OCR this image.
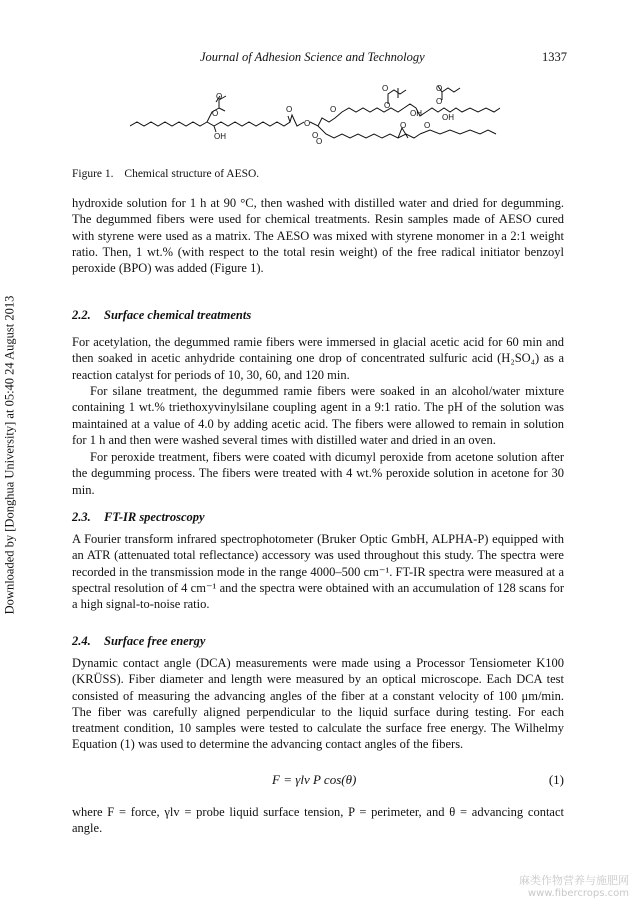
Journal of Adhesion Science and Technology	1337
Downloaded by [Donghua University] at 05:40 24 August 2013
O
O
OH
O
O
O
O
O
O
OH	OH
O
O
O
O
O
Figure 1. Chemical structure of AESO.

hydroxide solution for 1 h at 90 °C, then washed with distilled water and dried for degumming. The degummed fibers were used for chemical treatments. Resin samples made of AESO cured with styrene were used as a matrix. The AESO was mixed with styrene monomer in a 2:1 weight ratio. Then, 1 wt.% (with respect to the total resin weight) of the free radical initiator benzoyl peroxide (BPO) was added (Figure 1).

2.2. Surface chemical treatments

For acetylation, the degummed ramie fibers were immersed in glacial acetic acid for 60 min and then soaked in acetic anhydride containing one drop of concentrated sulfuric acid (H₂SO₄) as a reaction catalyst for periods of 10, 30, 60, and 120 min.

For silane treatment, the degummed ramie fibers were soaked in an alcohol/water mixture containing 1 wt.% triethoxyvinylsilane coupling agent in a 9:1 ratio. The pH of the solution was maintained at a value of 4.0 by adding acetic acid. The fibers were allowed to remain in solution for 1 h and then were washed several times with distilled water and dried in an oven.

For peroxide treatment, fibers were coated with dicumyl peroxide from acetone solution after the degumming process. The fibers were treated with 4 wt.% peroxide solution in acetone for 30 min.

2.3. FT-IR spectroscopy

A Fourier transform infrared spectrophotometer (Bruker Optic GmbH, ALPHA-P) equipped with an ATR (attenuated total reflectance) accessory was used throughout this study. The spectra were recorded in the transmission mode in the range 4000–500 cm⁻¹. FT-IR spectra were measured at a spectral resolution of 4 cm⁻¹ and the spectra were obtained with an accumulation of 128 scans for a high signal-to-noise ratio.

2.4. Surface free energy

Dynamic contact angle (DCA) measurements were made using a Processor Tensiometer K100 (KRÜSS). Fiber diameter and length were measured by an optical microscope. Each DCA test consisted of measuring the advancing angles of the fiber at a constant velocity of 100 μm/min. The fiber was carefully aligned perpendicular to the liquid surface during testing. For each treatment condition, 10 samples were tested to calculate the surface free energy. The Wilhelmy Equation (1) was used to determine the advancing contact angles of the fibers.

F = γlv P cos(θ)	(1)

where F = force, γlv = probe liquid surface tension, P = perimeter, and θ = advancing contact angle.

麻类作物营养与施肥网
www.fibercrops.com
